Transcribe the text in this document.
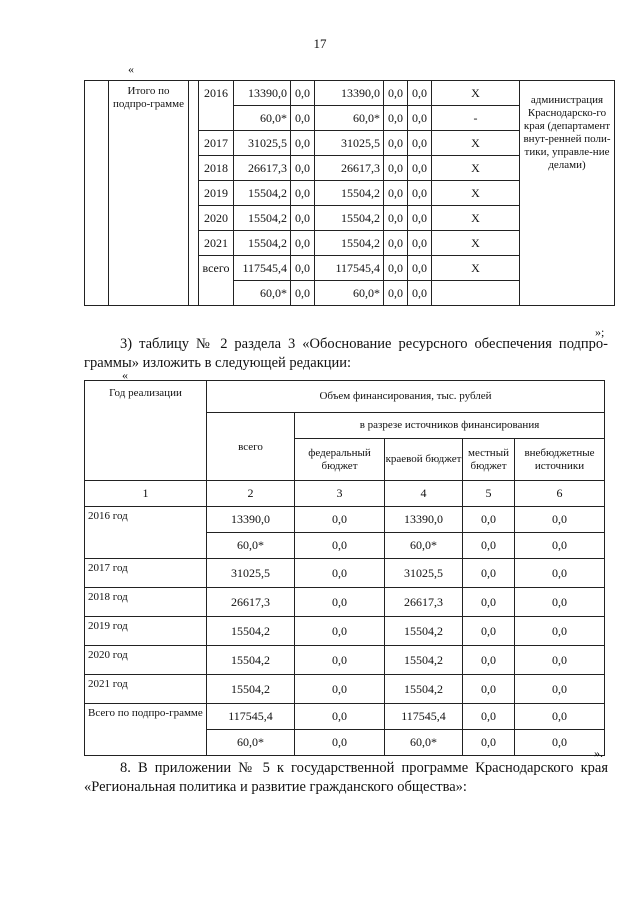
17
«
	Итого по подпро-грамме		2016	13390,0	0,0	13390,0	0,0	0,0	X	администрация Краснодарско-го края (департамент внут-ренней поли-тики, управле-ние делами)
				60,0*	0,0	60,0*	0,0	0,0	-	
			2017	31025,5	0,0	31025,5	0,0	0,0	X	
			2018	26617,3	0,0	26617,3	0,0	0,0	X	
			2019	15504,2	0,0	15504,2	0,0	0,0	X	
			2020	15504,2	0,0	15504,2	0,0	0,0	X	
			2021	15504,2	0,0	15504,2	0,0	0,0	X	
			всего	117545,4	0,0	117545,4	0,0	0,0	X	
				60,0*	0,0	60,0*	0,0	0,0		
»;
3) таблицу № 2 раздела 3 «Обоснование ресурсного обеспечения подпро-граммы» изложить в следующей редакции:
«
Год реализации	Объем финансирования, тыс. рублей				
	всего	в разрезе источников финансирования			
		федеральный бюджет	краевой бюджет	местный бюджет	внебюджетные источники
1	2	3	4	5	6
2016 год	13390,0	0,0	13390,0	0,0	0,0
	60,0*	0,0	60,0*	0,0	0,0
2017 год	31025,5	0,0	31025,5	0,0	0,0
2018 год	26617,3	0,0	26617,3	0,0	0,0
2019 год	15504,2	0,0	15504,2	0,0	0,0
2020 год	15504,2	0,0	15504,2	0,0	0,0
2021 год	15504,2	0,0	15504,2	0,0	0,0
Всего по подпро-грамме	117545,4	0,0	117545,4	0,0	0,0
	60,0*	0,0	60,0*	0,0	0,0
».
8. В приложении № 5 к государственной программе Краснодарского края «Региональная политика и развитие гражданского общества»:
